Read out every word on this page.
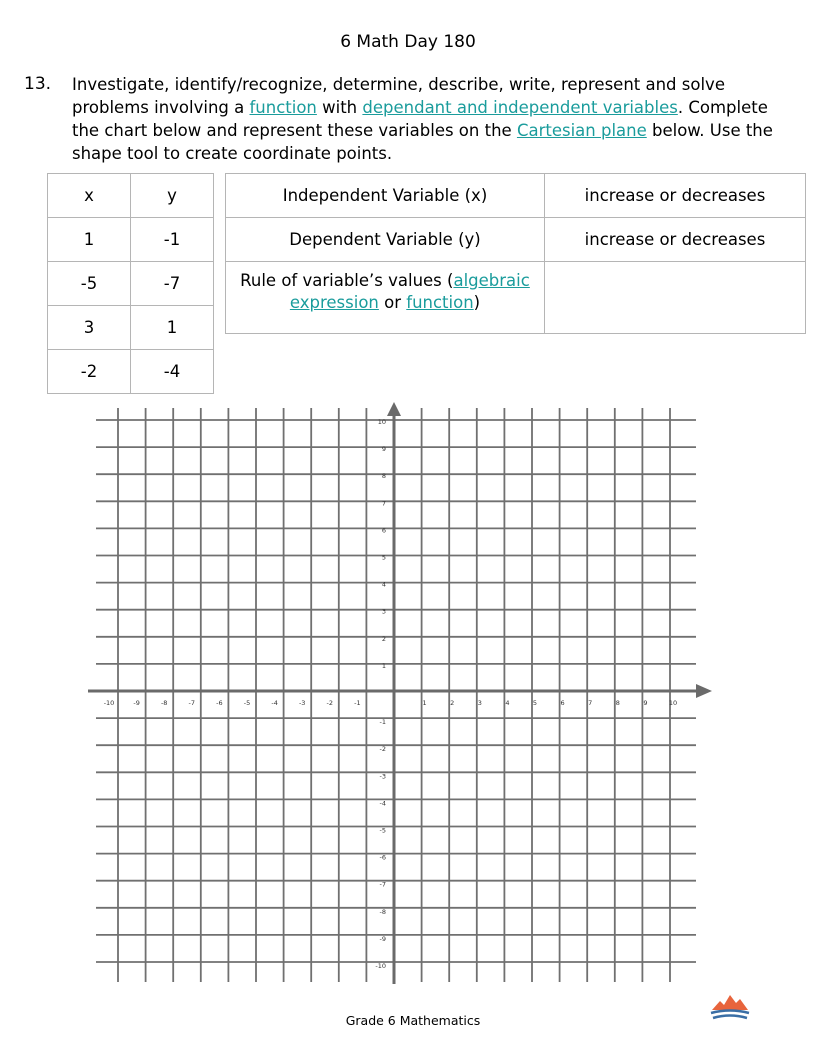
6 Math Day 180
13. Investigate, identify/recognize, determine, describe, write, represent and solve problems involving a function with dependant and independent variables. Complete the chart below and represent these variables on the Cartesian plane below. Use the shape tool to create coordinate points.
x	y
1	-1
-5	-7
3	1
-2	-4
Independent Variable (x)	increase or decreases
Dependent Variable (y)	increase or decreases
Rule of variable’s values (algebraic expression or function)	
-10	-9	-8	-7	-6	-5	-4	-3	-2	-1	1	2	3	4	5	6	7	8	9	10
10
9
8
7
6
5
4
3
2
1
-1
-2
-3
-4
-5
-6
-7
-8
-9
-10
Grade 6 Mathematics
